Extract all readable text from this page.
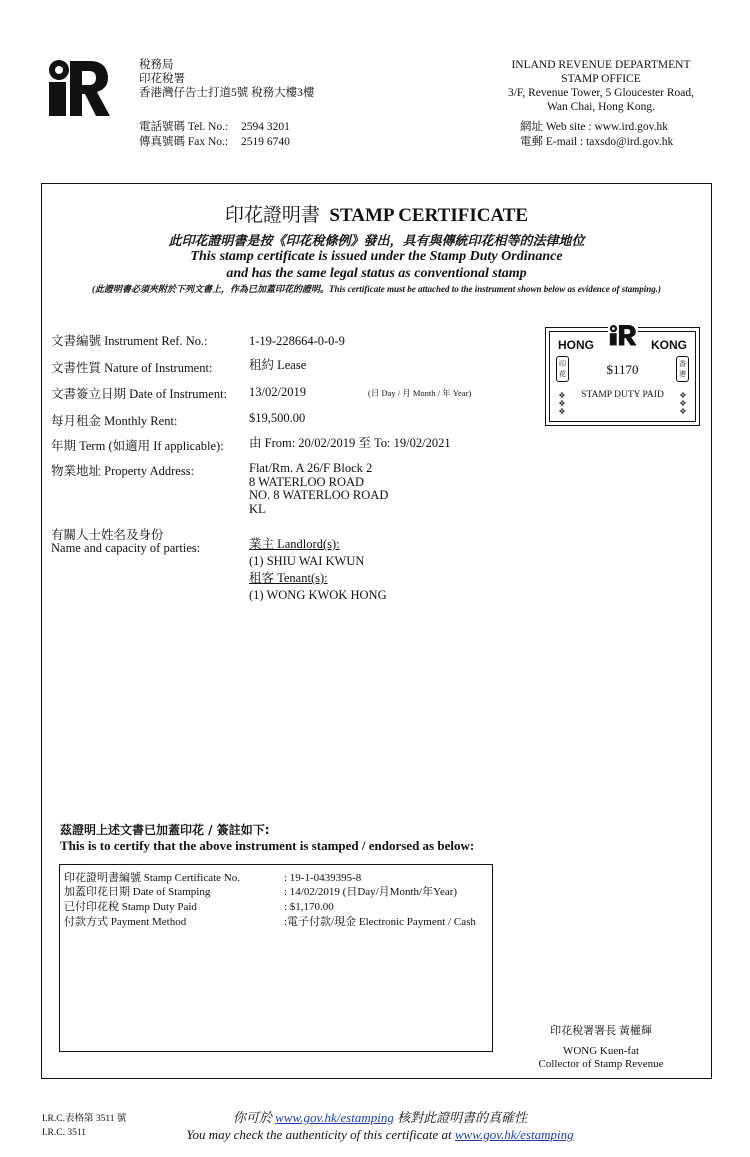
稅務局
印花稅署
香港灣仔告士打道5號 稅務大樓3樓
INLAND REVENUE DEPARTMENT
STAMP OFFICE
3/F, Revenue Tower, 5 Gloucester Road,
Wan Chai, Hong Kong.
電話號碼 Tel. No.: 2594 3201
傳真號碼 Fax No.: 2519 6740
網址 Web site : www.ird.gov.hk
電郵 E-mail : taxsdo@ird.gov.hk
印花證明書 STAMP CERTIFICATE
此印花證明書是按《印花稅條例》發出，具有與傳統印花相等的法律地位
This stamp certificate is issued under the Stamp Duty Ordinance
and has the same legal status as conventional stamp
(此證明書必須夾附於下列文書上，作為已加蓋印花的證明。This certificate must be attached to the instrument shown below as evidence of stamping.)
文書編號 Instrument Ref. No.:	1-19-228664-0-0-9
文書性質 Nature of Instrument:	租約 Lease
文書簽立日期 Date of Instrument: 13/02/2019	(日 Day / 月 Month / 年 Year)
每月租金 Monthly Rent:	$19,500.00
年期 Term (如適用 If applicable): 由 From: 20/02/2019 至 To: 19/02/2021
物業地址 Property Address:	Flat/Rm. A 26/F Block 2
8 WATERLOO ROAD
NO. 8 WATERLOO ROAD
KL
有關人士姓名及身份
Name and capacity of parties:	業主 Landlord(s):
(1) SHIU WAI KWUN
租客 Tenant(s):
(1) WONG KWOK HONG
HONG	KONG
印花
香港
$1170
STAMP DUTY PAID
❖
❖
❖
❖
❖
❖
茲證明上述文書已加蓋印花 / 簽註如下:
This is to certify that the above instrument is stamped / endorsed as below:
印花證明書編號 Stamp Certificate No.	: 19-1-0439395-8
加蓋印花日期 Date of Stamping	: 14/02/2019 (日Day/月Month/年Year)
已付印花稅 Stamp Duty Paid	: $1,170.00
付款方式 Payment Method	:電子付款/現金 Electronic Payment / Cash
印花稅署署長 黃權輝
WONG Kuen-fat
Collector of Stamp Revenue
I.R.C.表格第 3511 號
I.R.C. 3511
你可於 www.gov.hk/estamping 核對此證明書的真確性
You may check the authenticity of this certificate at www.gov.hk/estamping
